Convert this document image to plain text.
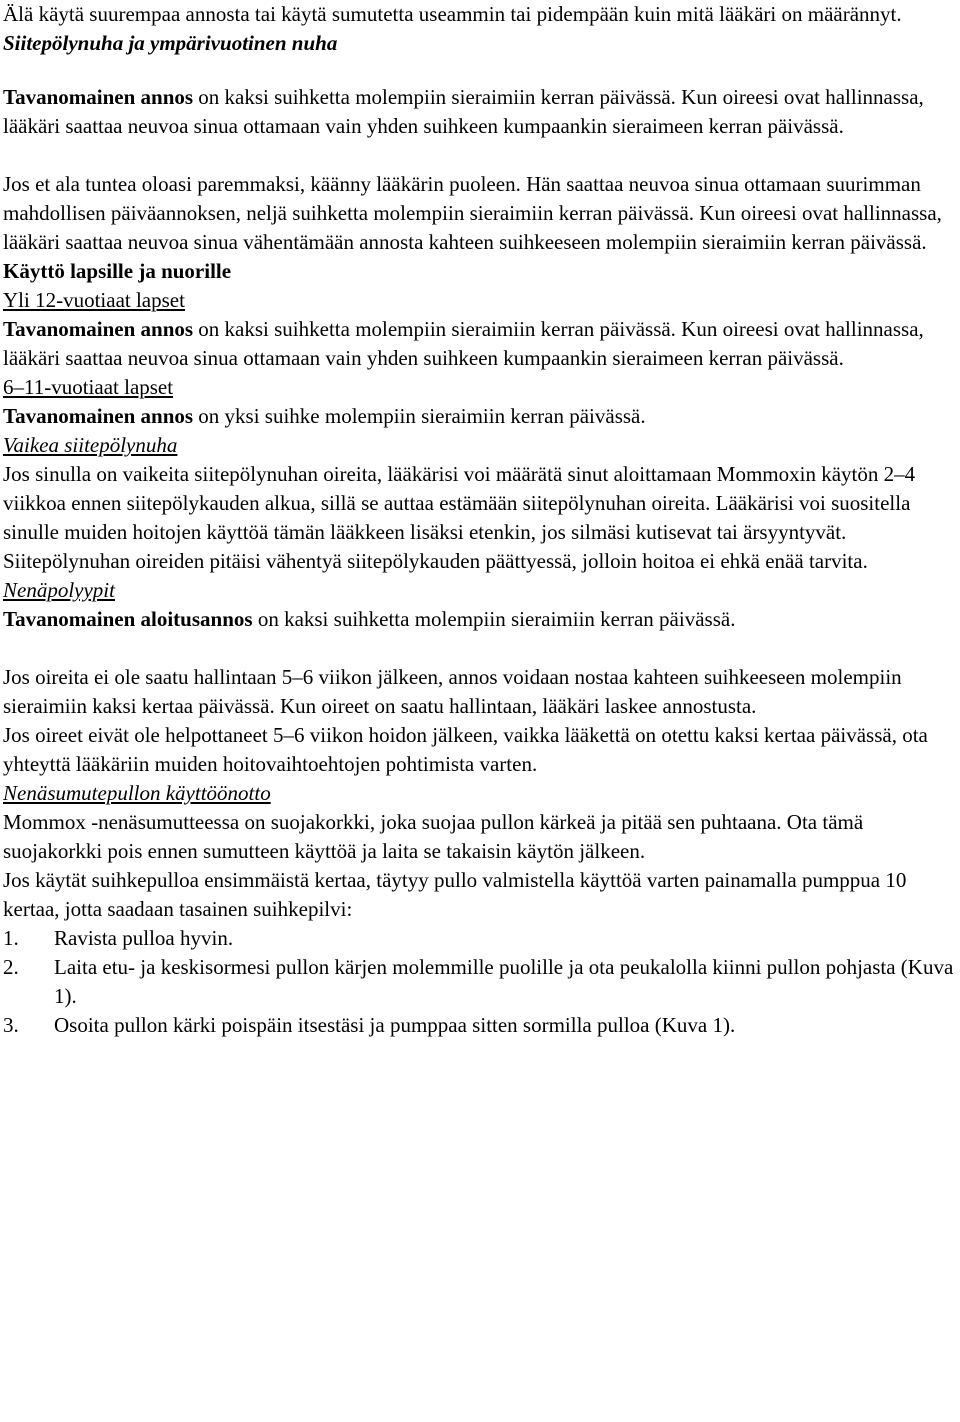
Älä käytä suurempaa annosta tai käytä sumutetta useammin tai pidempään kuin mitä lääkäri on määrännyt.

Siitepölynuha ja ympärivuotinen nuha

Tavanomainen annos on kaksi suihketta molempiin sieraimiin kerran päivässä. Kun oireesi ovat hallinnassa, lääkäri saattaa neuvoa sinua ottamaan vain yhden suihkeen kumpaankin sieraimeen kerran päivässä.

Jos et ala tuntea oloasi paremmaksi, käänny lääkärin puoleen. Hän saattaa neuvoa sinua ottamaan suurimman mahdollisen päiväannoksen, neljä suihketta molempiin sieraimiin kerran päivässä. Kun oireesi ovat hallinnassa, lääkäri saattaa neuvoa sinua vähentämään annosta kahteen suihkeeseen molempiin sieraimiin kerran päivässä.

Käyttö lapsille ja nuorille

Yli 12-vuotiaat lapset

Tavanomainen annos on kaksi suihketta molempiin sieraimiin kerran päivässä. Kun oireesi ovat hallinnassa, lääkäri saattaa neuvoa sinua ottamaan vain yhden suihkeen kumpaankin sieraimeen kerran päivässä.

6–11-vuotiaat lapset

Tavanomainen annos on yksi suihke molempiin sieraimiin kerran päivässä.

Vaikea siitepölynuha

Jos sinulla on vaikeita siitepölynuhan oireita, lääkärisi voi määrätä sinut aloittamaan Mommoxin käytön 2–4 viikkoa ennen siitepölykauden alkua, sillä se auttaa estämään siitepölynuhan oireita. Lääkärisi voi suositella sinulle muiden hoitojen käyttöä tämän lääkkeen lisäksi etenkin, jos silmäsi kutisevat tai ärsyyntyvät. Siitepölynuhan oireiden pitäisi vähentyä siitepölykauden päättyessä, jolloin hoitoa ei ehkä enää tarvita.

Nenäpolyypit

Tavanomainen aloitusannos on kaksi suihketta molempiin sieraimiin kerran päivässä.

Jos oireita ei ole saatu hallintaan 5–6 viikon jälkeen, annos voidaan nostaa kahteen suihkeeseen molempiin sieraimiin kaksi kertaa päivässä. Kun oireet on saatu hallintaan, lääkäri laskee annostusta.

Jos oireet eivät ole helpottaneet 5–6 viikon hoidon jälkeen, vaikka lääkettä on otettu kaksi kertaa päivässä, ota yhteyttä lääkäriin muiden hoitovaihtoehtojen pohtimista varten.

Nenäsumutepullon käyttöönotto

Mommox -nenäsumutteessa on suojakorkki, joka suojaa pullon kärkeä ja pitää sen puhtaana. Ota tämä suojakorkki pois ennen sumutteen käyttöä ja laita se takaisin käytön jälkeen.

Jos käytät suihkepulloa ensimmäistä kertaa, täytyy pullo valmistella käyttöä varten painamalla pumppua 10 kertaa, jotta saadaan tasainen suihkepilvi:

1.	Ravista pulloa hyvin.
2.	Laita etu- ja keskisormesi pullon kärjen molemmille puolille ja ota peukalolla kiinni pullon pohjasta (Kuva 1).
3.	Osoita pullon kärki poispäin itsestäsi ja pumppaa sitten sormilla pulloa (Kuva 1).
